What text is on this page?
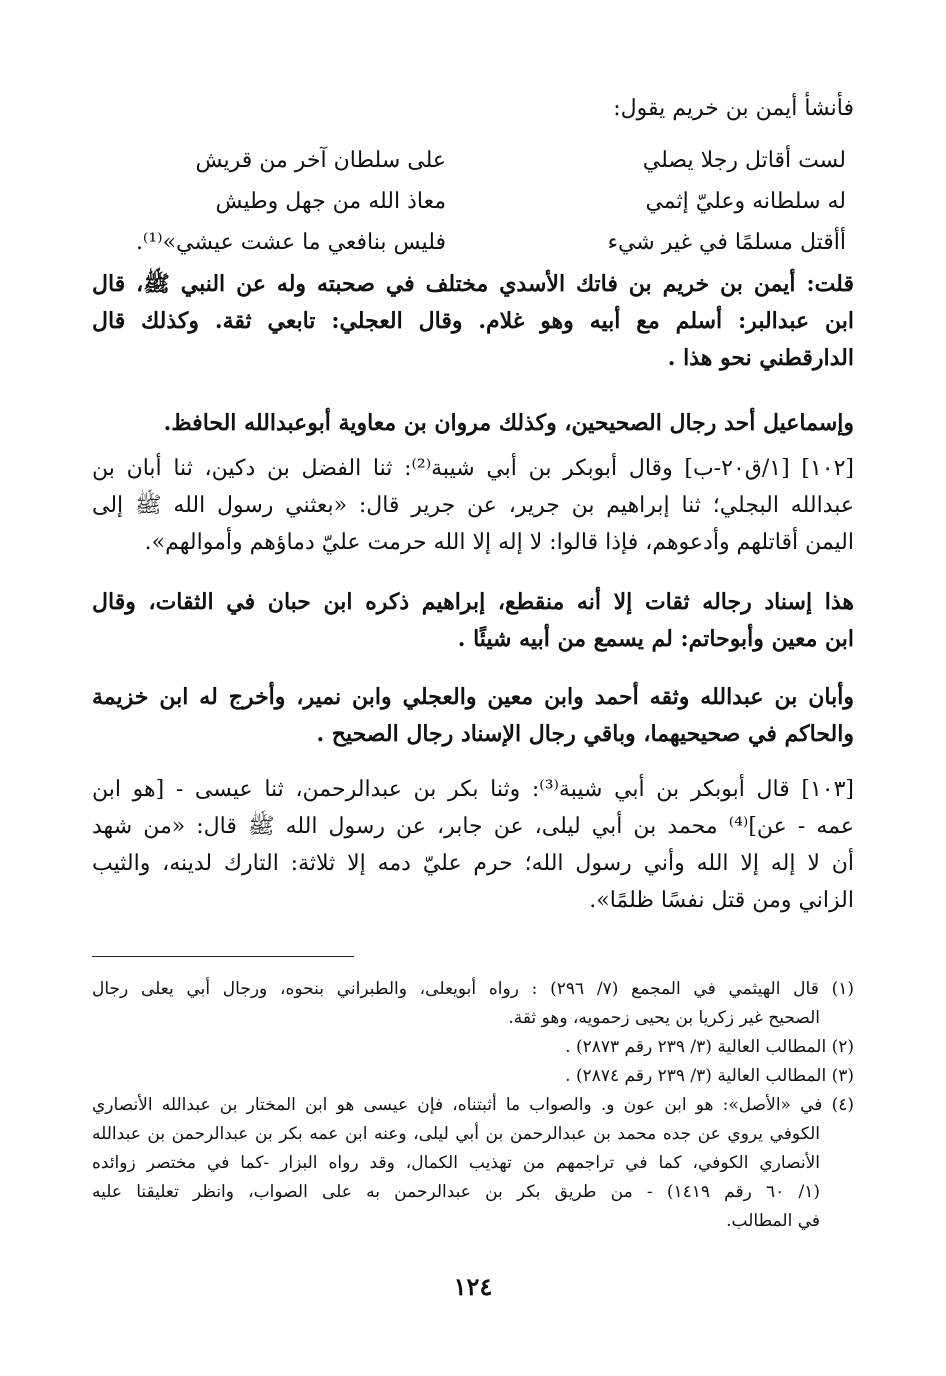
فأنشأ أيمن بن خريم يقول:
لست أقاتل رجلا يصلي
على سلطان آخر من قريش
له سلطانه وعليّ إثمي
معاذ الله من جهل وطيش
أأقتل مسلمًا في غير شيء
فليس بنافعي ما عشت عيشي»⁽¹⁾.
قلت: أيمن بن خريم بن فاتك الأسدي مختلف في صحبته وله عن النبي ﷺ، قال
ابن عبدالبر: أسلم مع أبيه وهو غلام. وقال العجلي: تابعي ثقة. وكذلك قال
الدارقطني نحو هذا .
وإسماعيل أحد رجال الصحيحين، وكذلك مروان بن معاوية أبوعبدالله الحافظ.
[١٠٢] [١/ق٢٠-ب] وقال أبوبكر بن أبي شيبة⁽²⁾: ثنا الفضل بن دكين، ثنا أبان بن
عبدالله البجلي؛ ثنا إبراهيم بن جرير، عن جرير قال: «بعثني رسول الله ﷺ إلى
اليمن أقاتلهم وأدعوهم، فإذا قالوا: لا إله إلا الله حرمت عليّ دماؤهم وأموالهم».
هذا إسناد رجاله ثقات إلا أنه منقطع، إبراهيم ذكره ابن حبان في الثقات، وقال
ابن معين وأبوحاتم: لم يسمع من أبيه شيئًا .
وأبان بن عبدالله وثقه أحمد وابن معين والعجلي وابن نمير، وأخرج له ابن خزيمة
والحاكم في صحيحيهما، وباقي رجال الإسناد رجال الصحيح .
[١٠٣] قال أبوبكر بن أبي شيبة⁽³⁾: وثنا بكر بن عبدالرحمن، ثنا عيسى - [هو ابن
عمه - عن]⁽⁴⁾ محمد بن أبي ليلى، عن جابر، عن رسول الله ﷺ قال: «من شهد
أن لا إله إلا الله وأني رسول الله؛ حرم عليّ دمه إلا ثلاثة: التارك لدينه، والثيب
الزاني ومن قتل نفسًا ظلمًا».
(١) قال الهيثمي في المجمع (٧/ ٢٩٦) : رواه أبويعلى، والطبراني بنحوه، ورجال أبي يعلى رجال
الصحيح غير زكريا بن يحيى زحمويه، وهو ثقة.
(٢) المطالب العالية (٣/ ٢٣٩ رقم ٢٨٧٣) .
(٣) المطالب العالية (٣/ ٢٣٩ رقم ٢٨٧٤) .
(٤) في «الأصل»: هو ابن عون و. والصواب ما أثبتناه، فإن عيسى هو ابن المختار بن عبدالله الأنصاري
الكوفي يروي عن جده محمد بن عبدالرحمن بن أبي ليلى، وعنه ابن عمه بكر بن عبدالرحمن بن عبدالله
الأنصاري الكوفي، كما في تراجمهم من تهذيب الكمال، وقد رواه البزار -كما في مختصر زوائده
(١/ ٦٠ رقم ١٤١٩) - من طريق بكر بن عبدالرحمن به على الصواب، وانظر تعليقنا عليه
في المطالب.
١٢٤
